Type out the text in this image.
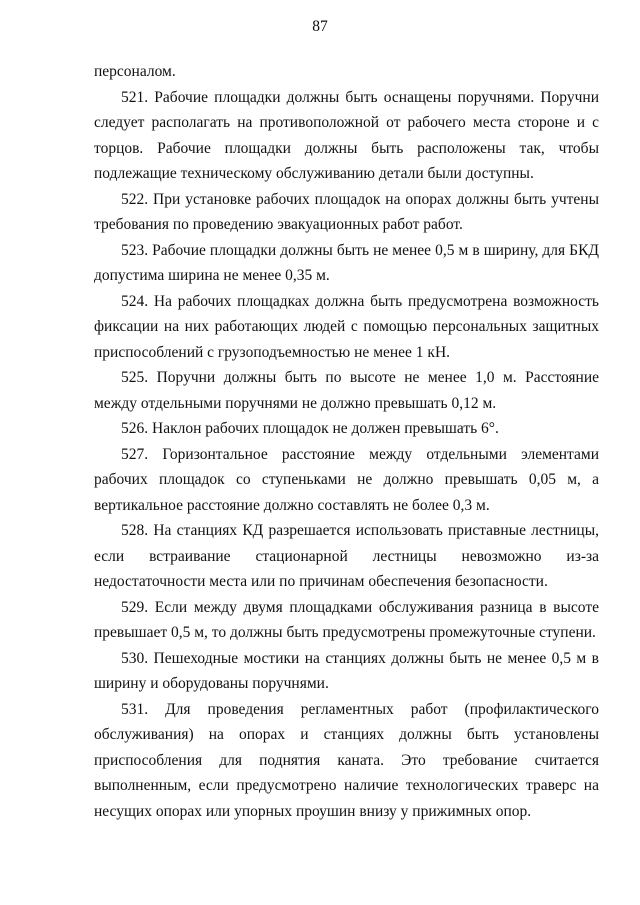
87

персоналом.

521. Рабочие площадки должны быть оснащены поручнями. Поручни следует располагать на противоположной от рабочего места стороне и с торцов. Рабочие площадки должны быть расположены так, чтобы подлежащие техническому обслуживанию детали были доступны.

522. При установке рабочих площадок на опорах должны быть учтены требования по проведению эвакуационных работ работ.

523. Рабочие площадки должны быть не менее 0,5 м в ширину, для БКД допустима ширина не менее 0,35 м.

524. На рабочих площадках должна быть предусмотрена возможность фиксации на них работающих людей с помощью персональных защитных приспособлений с грузоподъемностью не менее 1 кН.

525. Поручни должны быть по высоте не менее 1,0 м. Расстояние между отдельными поручнями не должно превышать 0,12 м.

526. Наклон рабочих площадок не должен превышать 6°.

527. Горизонтальное расстояние между отдельными элементами рабочих площадок со ступеньками не должно превышать 0,05 м, а вертикальное расстояние должно составлять не более 0,3 м.

528. На станциях КД разрешается использовать приставные лестницы, если встраивание стационарной лестницы невозможно из-за недостаточности места или по причинам обеспечения безопасности.

529. Если между двумя площадками обслуживания разница в высоте превышает 0,5 м, то должны быть предусмотрены промежуточные ступени.

530. Пешеходные мостики на станциях должны быть не менее 0,5 м в ширину и оборудованы поручнями.

531. Для проведения регламентных работ (профилактического обслуживания) на опорах и станциях должны быть установлены приспособления для поднятия каната. Это требование считается выполненным, если предусмотрено наличие технологических траверс на несущих опорах или упорных проушин внизу у прижимных опор.
